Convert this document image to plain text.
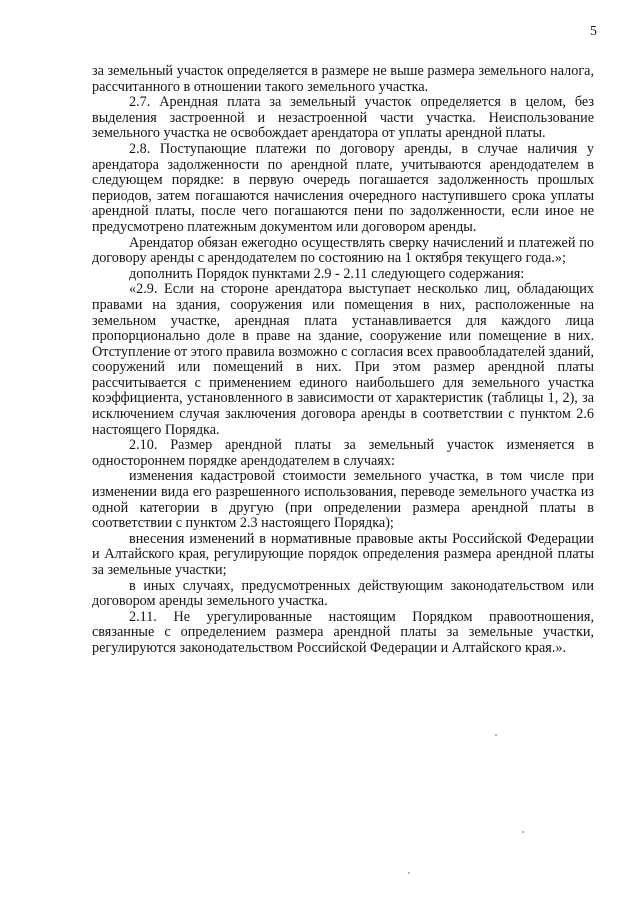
5

за земельный участок определяется в размере не выше размера земельного налога, рассчитанного в отношении такого земельного участка.

2.7. Арендная плата за земельный участок определяется в целом, без выделения застроенной и незастроенной части участка. Неиспользование земельного участка не освобождает арендатора от уплаты арендной платы.

2.8. Поступающие платежи по договору аренды, в случае наличия у арендатора задолженности по арендной плате, учитываются арендодателем в следующем порядке: в первую очередь погашается задолженность прошлых периодов, затем погашаются начисления очередного наступившего срока уплаты арендной платы, после чего погашаются пени по задолженности, если иное не предусмотрено платежным документом или договором аренды.

Арендатор обязан ежегодно осуществлять сверку начислений и платежей по договору аренды с арендодателем по состоянию на 1 октября текущего года.»;

дополнить Порядок пунктами 2.9 - 2.11 следующего содержания:

«2.9. Если на стороне арендатора выступает несколько лиц, обладающих правами на здания, сооружения или помещения в них, расположенные на земельном участке, арендная плата устанавливается для каждого лица пропорционально доле в праве на здание, сооружение или помещение в них. Отступление от этого правила возможно с согласия всех правообладателей зданий, сооружений или помещений в них. При этом размер арендной платы рассчитывается с применением единого наибольшего для земельного участка коэффициента, установленного в зависимости от характеристик (таблицы 1, 2), за исключением случая заключения договора аренды в соответствии с пунктом 2.6 настоящего Порядка.

2.10. Размер арендной платы за земельный участок изменяется в одностороннем порядке арендодателем в случаях:

изменения кадастровой стоимости земельного участка, в том числе при изменении вида его разрешенного использования, переводе земельного участка из одной категории в другую (при определении размера арендной платы в соответствии с пунктом 2.3 настоящего Порядка);

внесения изменений в нормативные правовые акты Российской Федерации и Алтайского края, регулирующие порядок определения размера арендной платы за земельные участки;

в иных случаях, предусмотренных действующим законодательством или договором аренды земельного участка.

2.11. Не урегулированные настоящим Порядком правоотношения, связанные с определением размера арендной платы за земельные участки, регулируются законодательством Российской Федерации и Алтайского края.».
